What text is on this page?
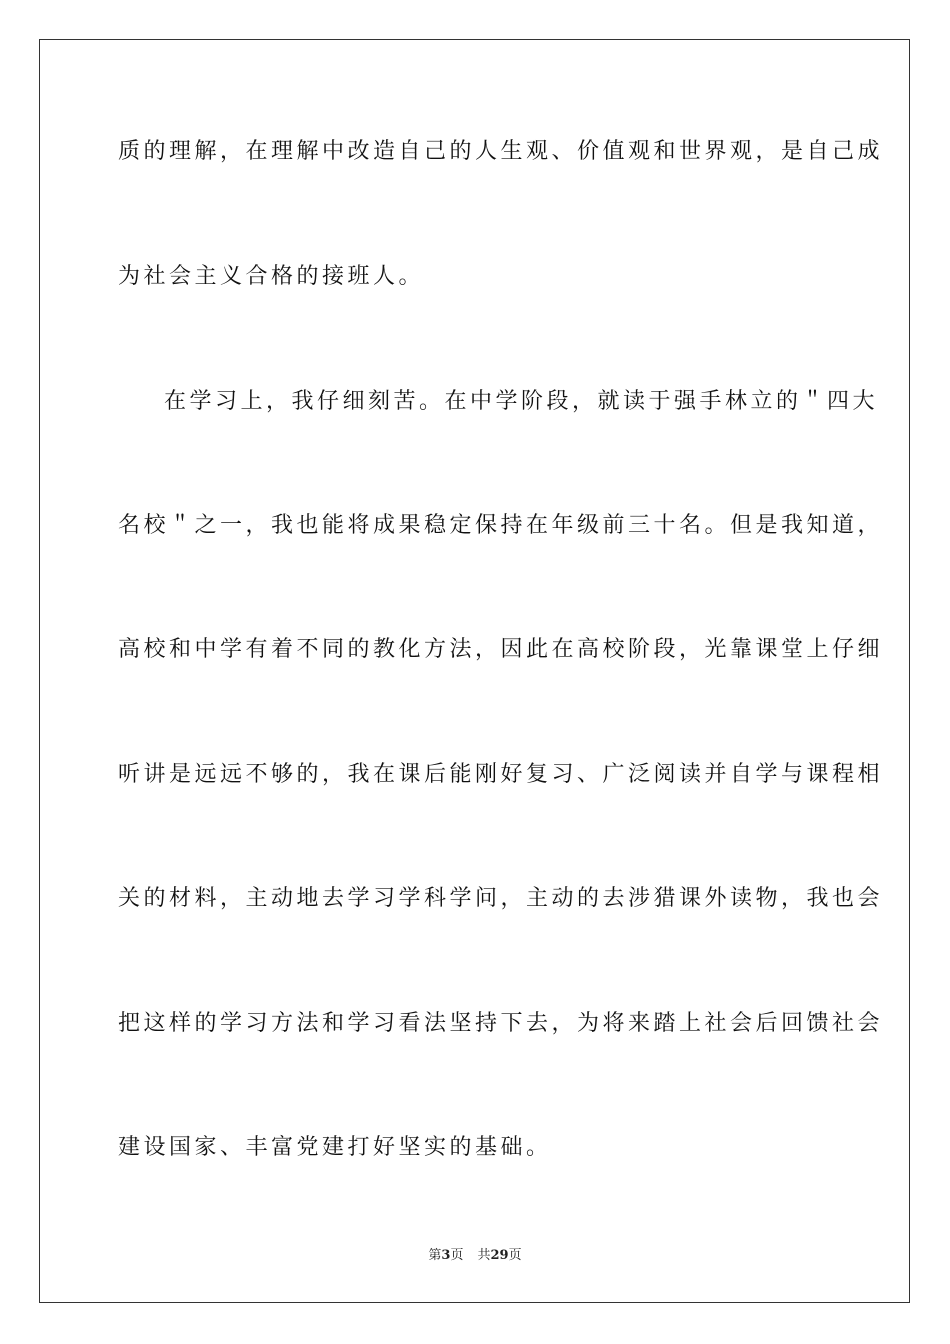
质的理解，在理解中改造自己的人生观、价值观和世界观，是自己成
为社会主义合格的接班人。
在学习上，我仔细刻苦。在中学阶段，就读于强手林立的＂四大
名校＂之一，我也能将成果稳定保持在年级前三十名。但是我知道，
高校和中学有着不同的教化方法，因此在高校阶段，光靠课堂上仔细
听讲是远远不够的，我在课后能刚好复习、广泛阅读并自学与课程相
关的材料，主动地去学习学科学问，主动的去涉猎课外读物，我也会
把这样的学习方法和学习看法坚持下去，为将来踏上社会后回馈社会
建设国家、丰富党建打好坚实的基础。
第3页 共29页
